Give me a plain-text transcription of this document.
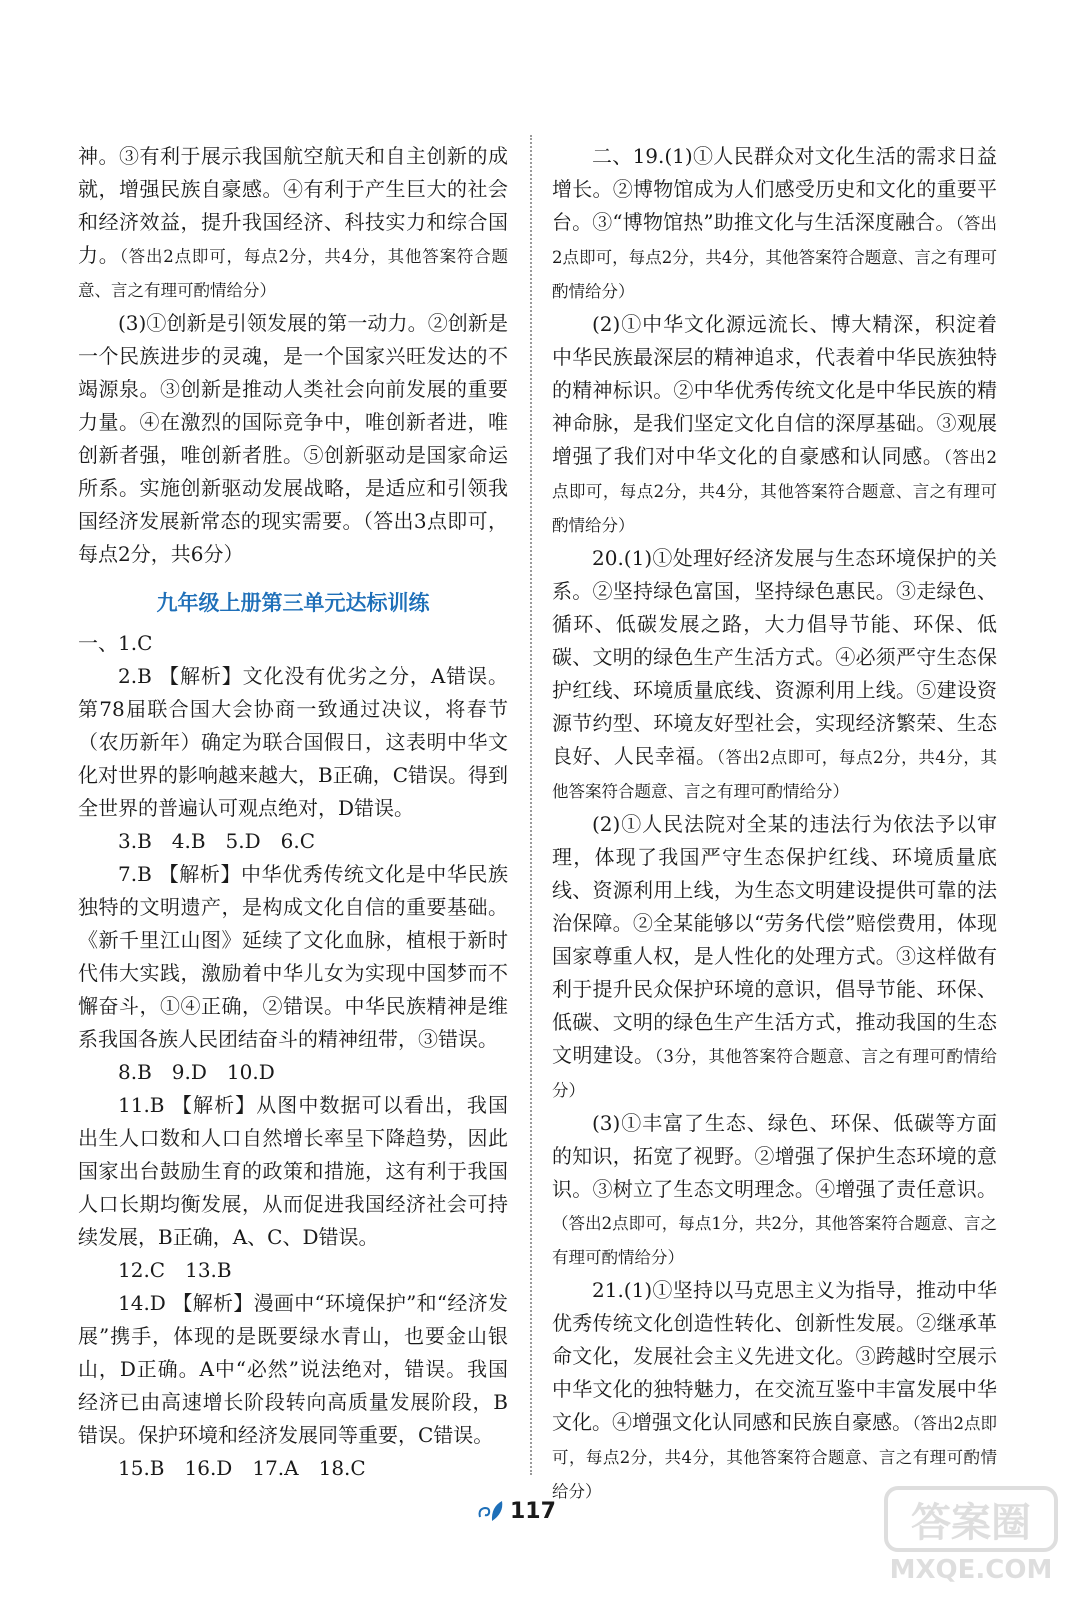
神。③有利于展示我国航空航天和自主创新的成就，增强民族自豪感。④有利于产生巨大的社会和经济效益，提升我国经济、科技实力和综合国力。（答出2点即可，每点2分，共4分，其他答案符合题意、言之有理可酌情给分）

(3)①创新是引领发展的第一动力。②创新是一个民族进步的灵魂，是一个国家兴旺发达的不竭源泉。③创新是推动人类社会向前发展的重要力量。④在激烈的国际竞争中，唯创新者进，唯创新者强，唯创新者胜。⑤创新驱动是国家命运所系。实施创新驱动发展战略，是适应和引领我国经济发展新常态的现实需要。（答出3点即可，每点2分，共6分）

九年级上册第三单元达标训练

一、1.C

2.B 【解析】文化没有优劣之分，A错误。第78届联合国大会协商一致通过决议，将春节（农历新年）确定为联合国假日，这表明中华文化对世界的影响越来越大，B正确，C错误。得到全世界的普遍认可观点绝对，D错误。

3.B　4.B　5.D　6.C

7.B 【解析】中华优秀传统文化是中华民族独特的文明遗产，是构成文化自信的重要基础。《新千里江山图》延续了文化血脉，植根于新时代伟大实践，激励着中华儿女为实现中国梦而不懈奋斗，①④正确，②错误。中华民族精神是维系我国各族人民团结奋斗的精神纽带，③错误。

8.B　9.D　10.D

11.B 【解析】从图中数据可以看出，我国出生人口数和人口自然增长率呈下降趋势，因此国家出台鼓励生育的政策和措施，这有利于我国人口长期均衡发展，从而促进我国经济社会可持续发展，B正确，A、C、D错误。

12.C　13.B

14.D 【解析】漫画中“环境保护”和“经济发展”携手，体现的是既要绿水青山，也要金山银山，D正确。A中“必然”说法绝对，错误。我国经济已由高速增长阶段转向高质量发展阶段，B错误。保护环境和经济发展同等重要，C错误。

15.B　16.D　17.A　18.C

二、19.(1)①人民群众对文化生活的需求日益增长。②博物馆成为人们感受历史和文化的重要平台。③“博物馆热”助推文化与生活深度融合。（答出2点即可，每点2分，共4分，其他答案符合题意、言之有理可酌情给分）

(2)①中华文化源远流长、博大精深，积淀着中华民族最深层的精神追求，代表着中华民族独特的精神标识。②中华优秀传统文化是中华民族的精神命脉，是我们坚定文化自信的深厚基础。③观展增强了我们对中华文化的自豪感和认同感。（答出2点即可，每点2分，共4分，其他答案符合题意、言之有理可酌情给分）

20.(1)①处理好经济发展与生态环境保护的关系。②坚持绿色富国，坚持绿色惠民。③走绿色、循环、低碳发展之路，大力倡导节能、环保、低碳、文明的绿色生产生活方式。④必须严守生态保护红线、环境质量底线、资源利用上线。⑤建设资源节约型、环境友好型社会，实现经济繁荣、生态良好、人民幸福。（答出2点即可，每点2分，共4分，其他答案符合题意、言之有理可酌情给分）

(2)①人民法院对全某的违法行为依法予以审理，体现了我国严守生态保护红线、环境质量底线、资源利用上线，为生态文明建设提供可靠的法治保障。②全某能够以“劳务代偿”赔偿费用，体现国家尊重人权，是人性化的处理方式。③这样做有利于提升民众保护环境的意识，倡导节能、环保、低碳、文明的绿色生产生活方式，推动我国的生态文明建设。（3分，其他答案符合题意、言之有理可酌情给分）

(3)①丰富了生态、绿色、环保、低碳等方面的知识，拓宽了视野。②增强了保护生态环境的意识。③树立了生态文明理念。④增强了责任意识。（答出2点即可，每点1分，共2分，其他答案符合题意、言之有理可酌情给分）

21.(1)①坚持以马克思主义为指导，推动中华优秀传统文化创造性转化、创新性发展。②继承革命文化，发展社会主义先进文化。③跨越时空展示中华文化的独特魅力，在交流互鉴中丰富发展中华文化。④增强文化认同感和民族自豪感。（答出2点即可，每点2分，共4分，其他答案符合题意、言之有理可酌情给分）

117	答案圈
MXQE.COM
